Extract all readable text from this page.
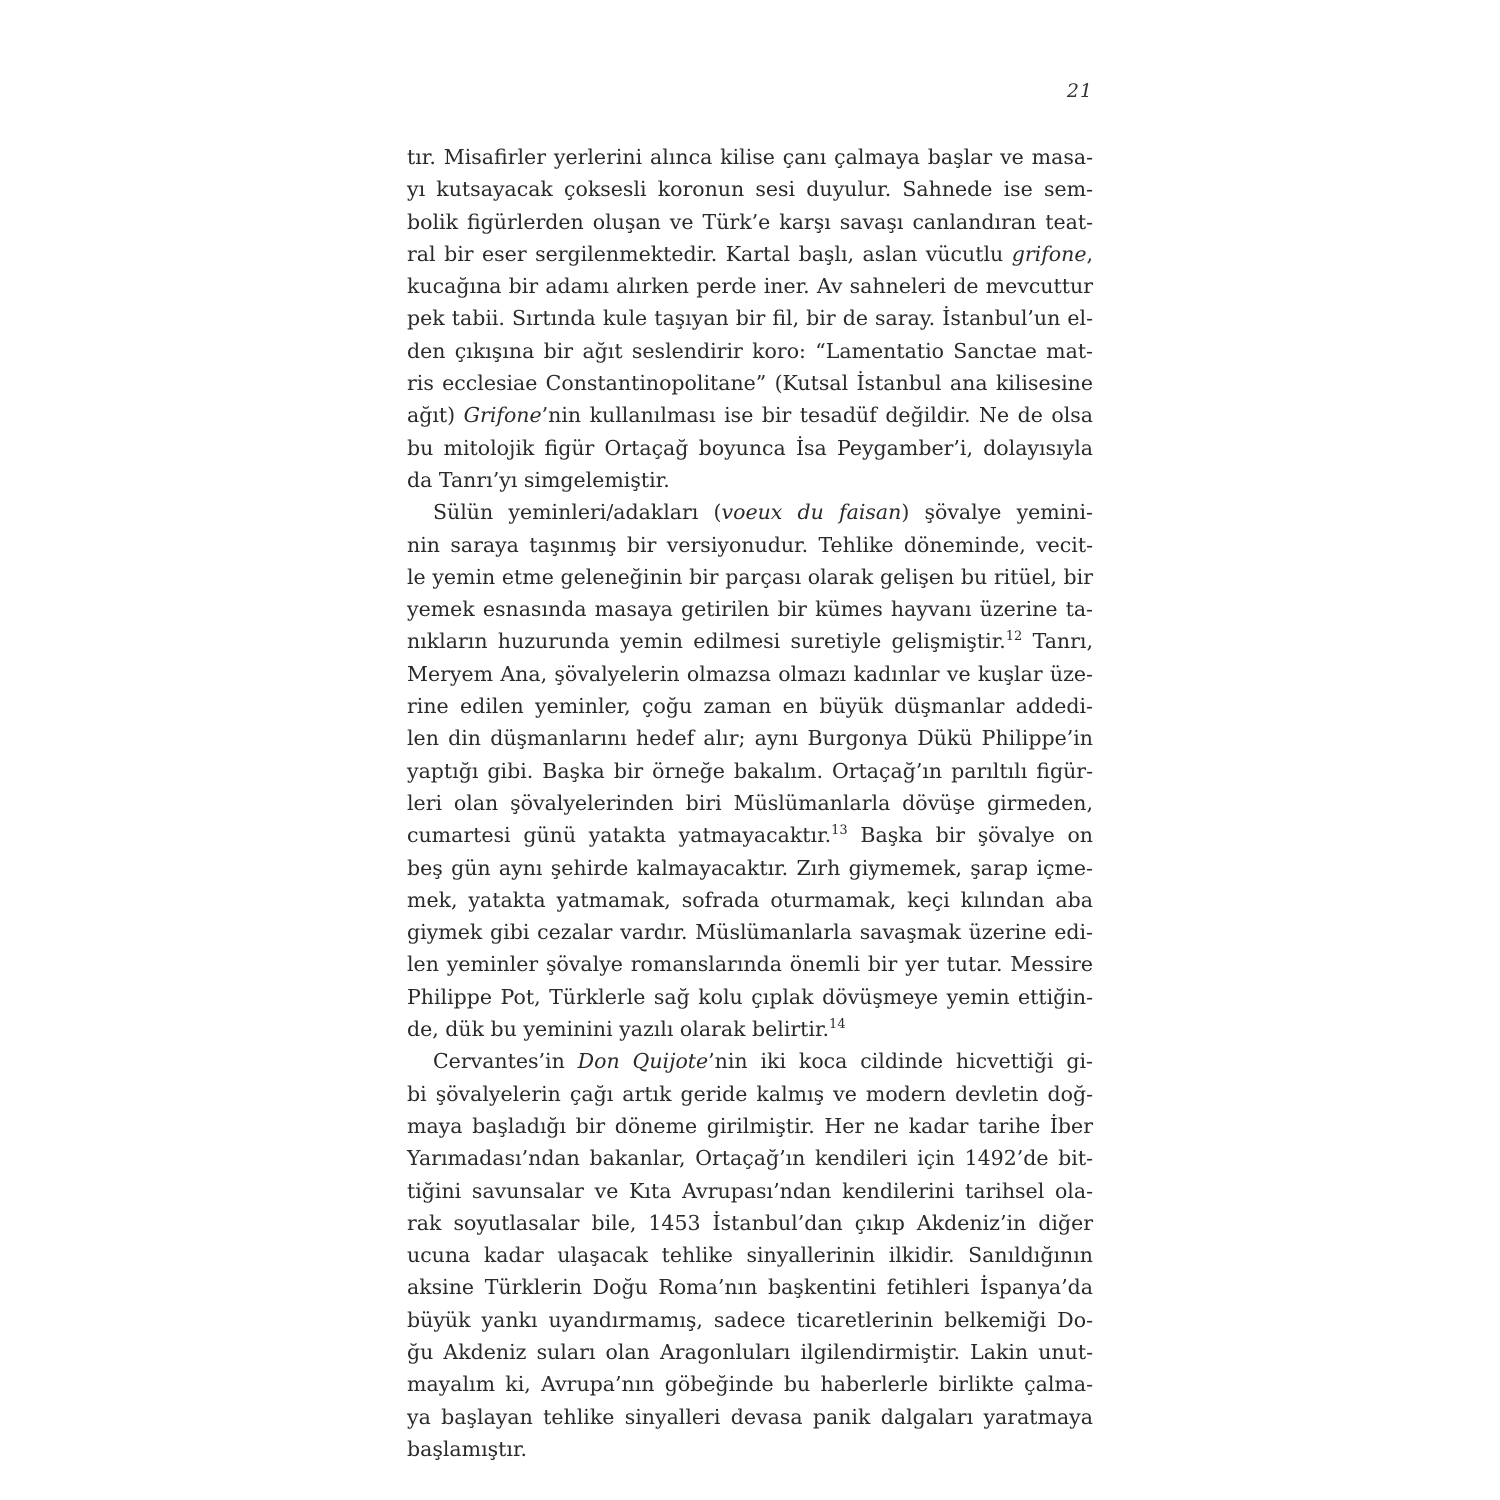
21
tır. Misafirler yerlerini alınca kilise çanı çalmaya başlar ve masa-
yı kutsayacak çoksesli koronun sesi duyulur. Sahnede ise sem-
bolik figürlerden oluşan ve Türk’e karşı savaşı canlandıran teat-
ral bir eser sergilenmektedir. Kartal başlı, aslan vücutlu grifone,
kucağına bir adamı alırken perde iner. Av sahneleri de mevcuttur
pek tabii. Sırtında kule taşıyan bir fil, bir de saray. İstanbul’un el-
den çıkışına bir ağıt seslendirir koro: “Lamentatio Sanctae mat-
ris ecclesiae Constantinopolitane” (Kutsal İstanbul ana kilisesine
ağıt) Grifone’nin kullanılması ise bir tesadüf değildir. Ne de olsa
bu mitolojik figür Ortaçağ boyunca İsa Peygamber’i, dolayısıyla
da Tanrı’yı simgelemiştir.
Sülün yeminleri/adakları (voeux du faisan) şövalye yemini-
nin saraya taşınmış bir versiyonudur. Tehlike döneminde, vecit-
le yemin etme geleneğinin bir parçası olarak gelişen bu ritüel, bir
yemek esnasında masaya getirilen bir kümes hayvanı üzerine ta-
nıkların huzurunda yemin edilmesi suretiyle gelişmiştir.$^{12}$ Tanrı,
Meryem Ana, şövalyelerin olmazsa olmazı kadınlar ve kuşlar üze-
rine edilen yeminler, çoğu zaman en büyük düşmanlar addedi-
len din düşmanlarını hedef alır; aynı Burgonya Dükü Philippe’in
yaptığı gibi. Başka bir örneğe bakalım. Ortaçağ’ın parıltılı figür-
leri olan şövalyelerinden biri Müslümanlarla dövüşe girmeden,
cumartesi günü yatakta yatmayacaktır.$^{13}$ Başka bir şövalye on
beş gün aynı şehirde kalmayacaktır. Zırh giymemek, şarap içme-
mek, yatakta yatmamak, sofrada oturmamak, keçi kılından aba
giymek gibi cezalar vardır. Müslümanlarla savaşmak üzerine edi-
len yeminler şövalye romanslarında önemli bir yer tutar. Messire
Philippe Pot, Türklerle sağ kolu çıplak dövüşmeye yemin ettiğin-
de, dük bu yeminini yazılı olarak belirtir.$^{14}$
Cervantes’in Don Quijote’nin iki koca cildinde hicvettiği gi-
bi şövalyelerin çağı artık geride kalmış ve modern devletin doğ-
maya başladığı bir döneme girilmiştir. Her ne kadar tarihe İber
Yarımadası’ndan bakanlar, Ortaçağ’ın kendileri için 1492’de bit-
tiğini savunsalar ve Kıta Avrupası’ndan kendilerini tarihsel ola-
rak soyutlasalar bile, 1453 İstanbul’dan çıkıp Akdeniz’in diğer
ucuna kadar ulaşacak tehlike sinyallerinin ilkidir. Sanıldığının
aksine Türklerin Doğu Roma’nın başkentini fetihleri İspanya’da
büyük yankı uyandırmamış, sadece ticaretlerinin belkemiği Do-
ğu Akdeniz suları olan Aragonluları ilgilendirmiştir. Lakin unut-
mayalım ki, Avrupa’nın göbeğinde bu haberlerle birlikte çalma-
ya başlayan tehlike sinyalleri devasa panik dalgaları yaratmaya
başlamıştır.
